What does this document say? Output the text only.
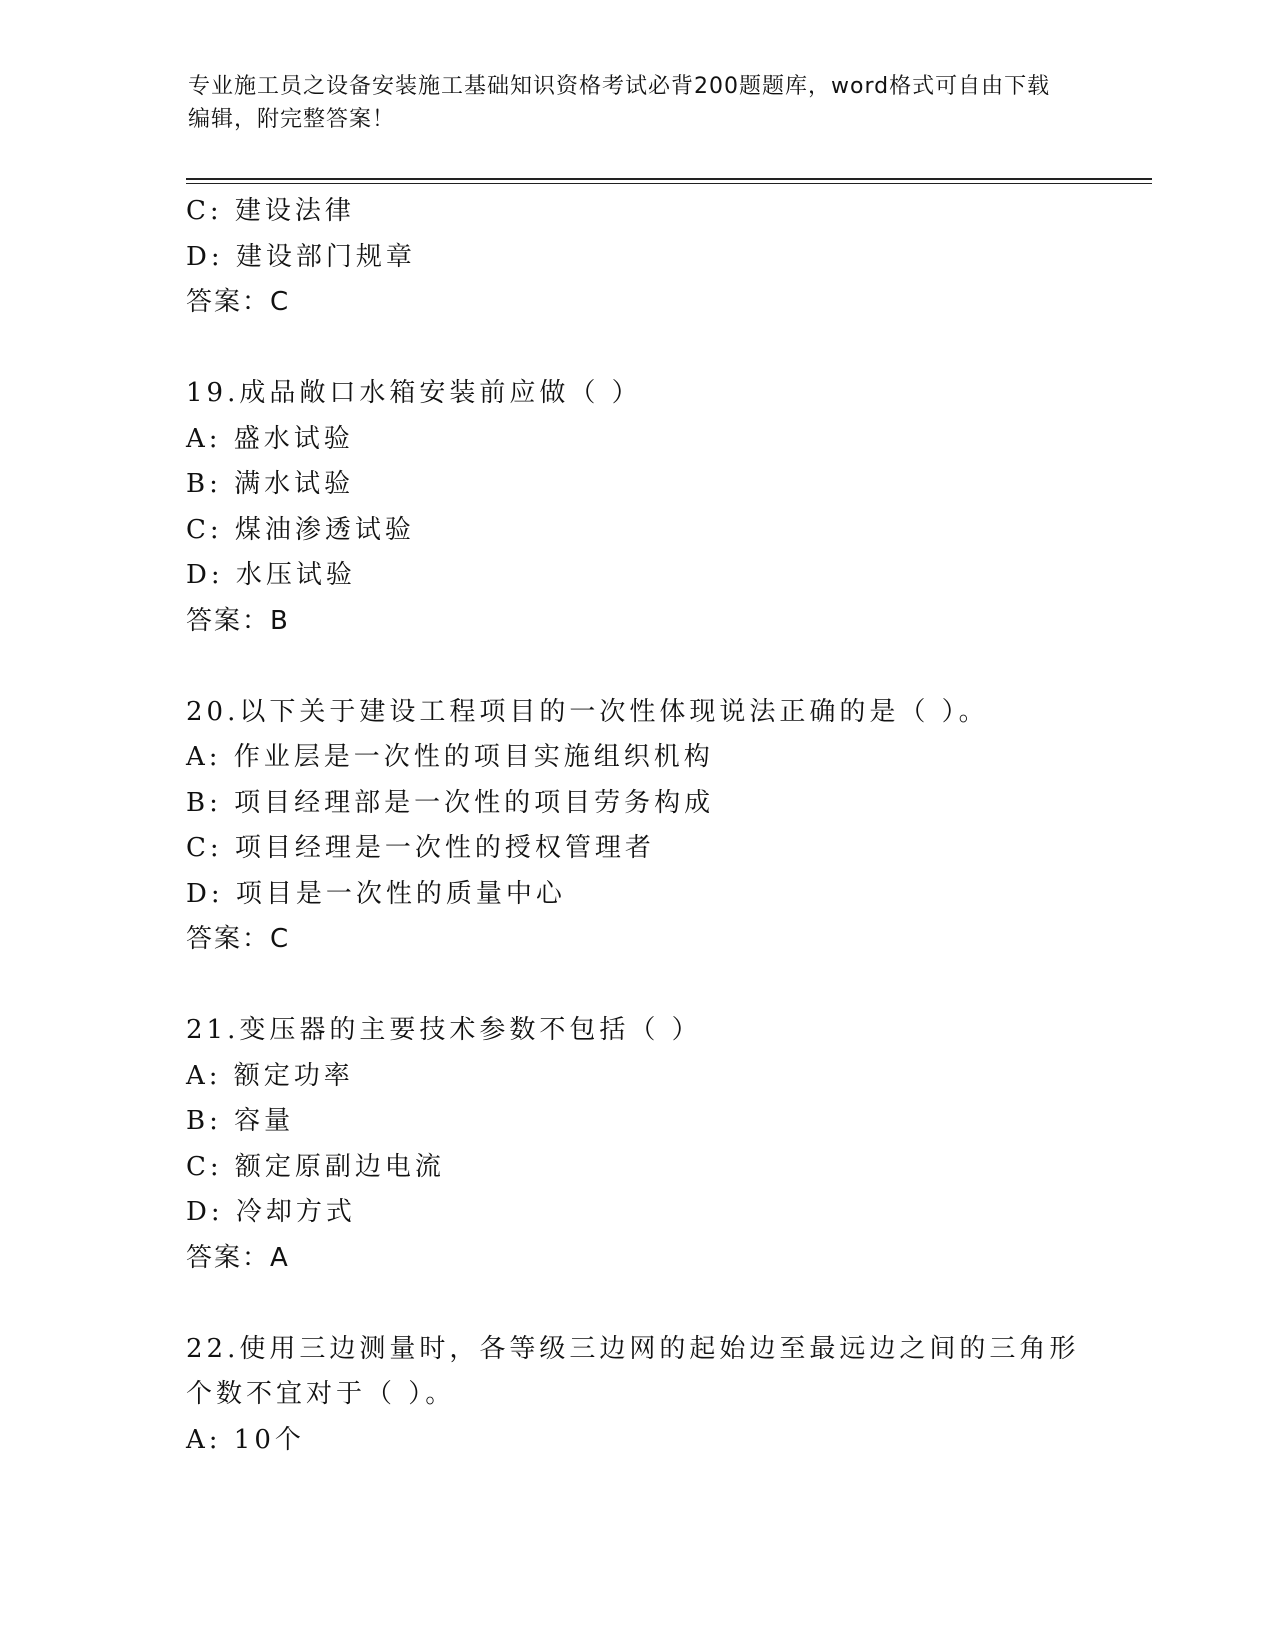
专业施工员之设备安装施工基础知识资格考试必背200题题库，word格式可自由下载编辑，附完整答案！
C: 建设法律
D: 建设部门规章
答案：C
19.成品敞口水箱安装前应做（ ）
A: 盛水试验
B: 满水试验
C: 煤油渗透试验
D: 水压试验
答案：B
20.以下关于建设工程项目的一次性体现说法正确的是（ ）。
A: 作业层是一次性的项目实施组织机构
B: 项目经理部是一次性的项目劳务构成
C: 项目经理是一次性的授权管理者
D: 项目是一次性的质量中心
答案：C
21.变压器的主要技术参数不包括（ ）
A: 额定功率
B: 容量
C: 额定原副边电流
D: 冷却方式
答案：A
22.使用三边测量时，各等级三边网的起始边至最远边之间的三角形个数不宜对于（ ）。
A: 10个
